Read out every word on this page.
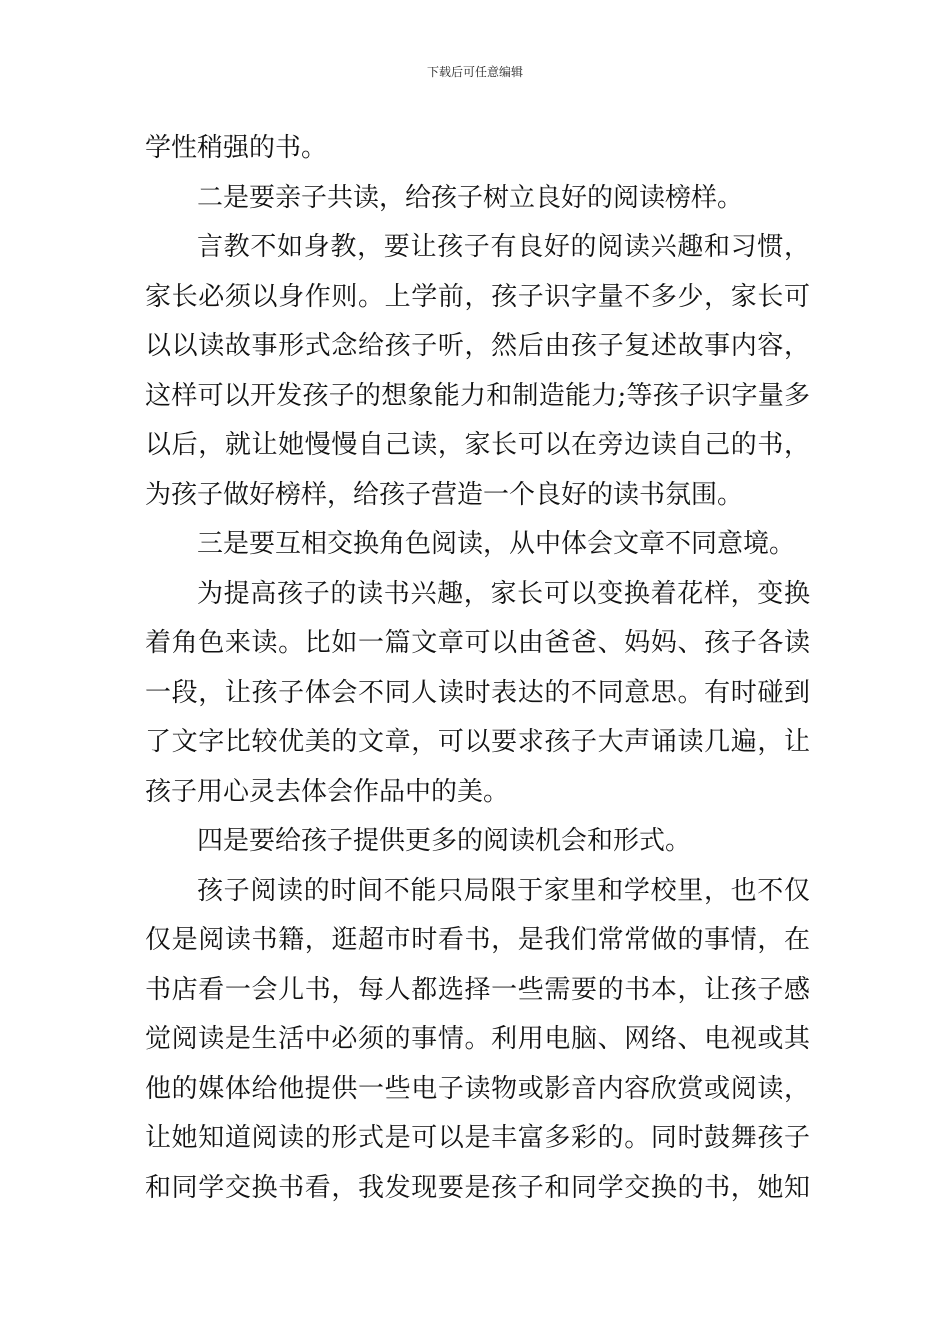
下载后可任意编辑
学性稍强的书。
二是要亲子共读，给孩子树立良好的阅读榜样。
言教不如身教，要让孩子有良好的阅读兴趣和习惯，
家长必须以身作则。上学前，孩子识字量不多少，家长可
以以读故事形式念给孩子听，然后由孩子复述故事内容，
这样可以开发孩子的想象能力和制造能力;等孩子识字量多
以后，就让她慢慢自己读，家长可以在旁边读自己的书，
为孩子做好榜样，给孩子营造一个良好的读书氛围。
三是要互相交换角色阅读，从中体会文章不同意境。
为提高孩子的读书兴趣，家长可以变换着花样，变换
着角色来读。比如一篇文章可以由爸爸、妈妈、孩子各读
一段，让孩子体会不同人读时表达的不同意思。有时碰到
了文字比较优美的文章，可以要求孩子大声诵读几遍，让
孩子用心灵去体会作品中的美。
四是要给孩子提供更多的阅读机会和形式。
孩子阅读的时间不能只局限于家里和学校里，也不仅
仅是阅读书籍，逛超市时看书，是我们常常做的事情，在
书店看一会儿书，每人都选择一些需要的书本，让孩子感
觉阅读是生活中必须的事情。利用电脑、网络、电视或其
他的媒体给他提供一些电子读物或影音内容欣赏或阅读，
让她知道阅读的形式是可以是丰富多彩的。同时鼓舞孩子
和同学交换书看，我发现要是孩子和同学交换的书，她知
